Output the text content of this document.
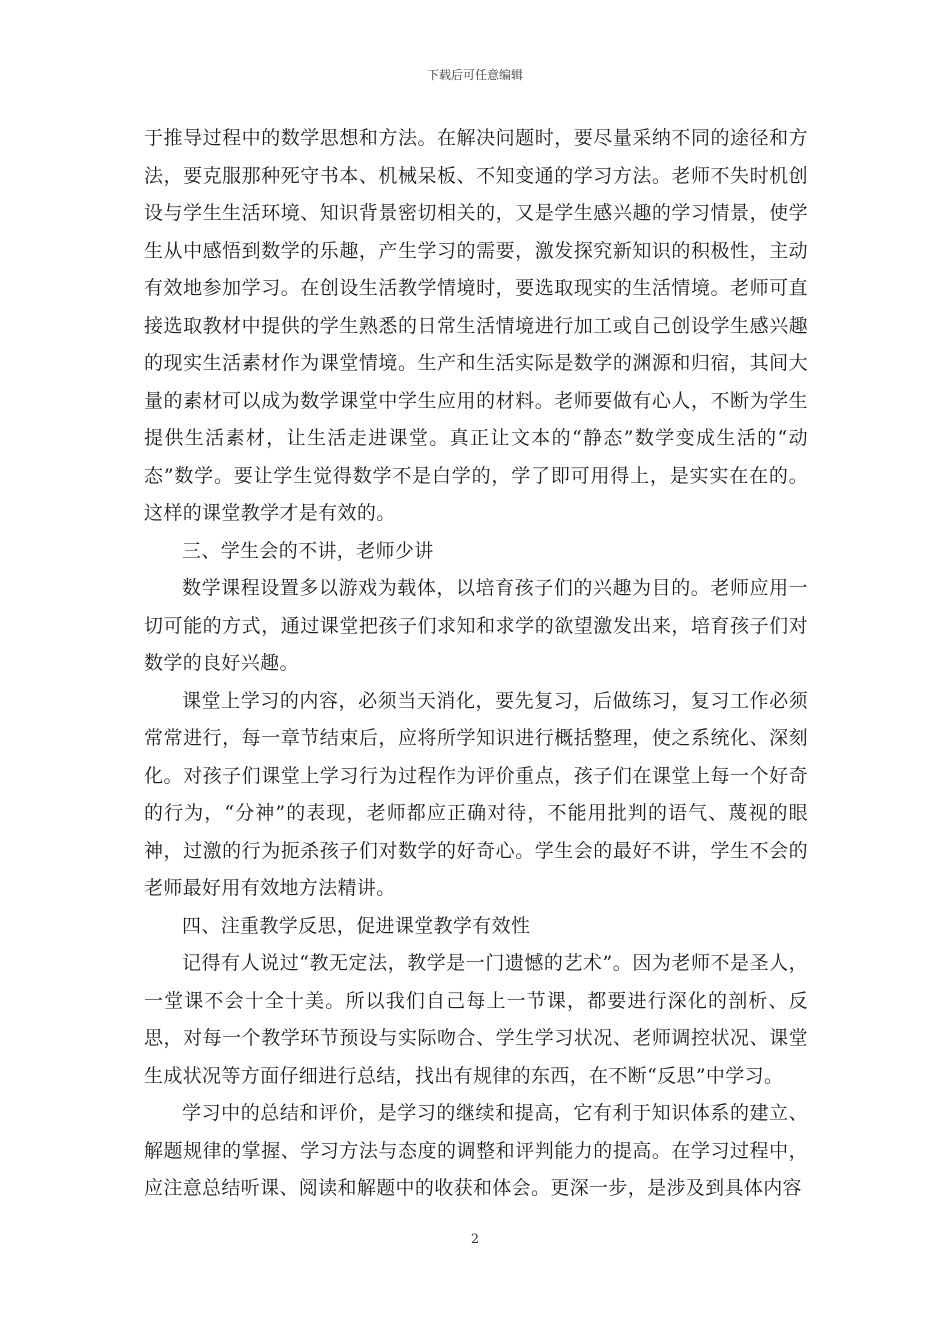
下载后可任意编辑

于推导过程中的数学思想和方法。在解决问题时，要尽量采纳不同的途径和方法，要克服那种死守书本、机械呆板、不知变通的学习方法。老师不失时机创设与学生生活环境、知识背景密切相关的，又是学生感兴趣的学习情景，使学生从中感悟到数学的乐趣，产生学习的需要，激发探究新知识的积极性，主动有效地参加学习。在创设生活教学情境时，要选取现实的生活情境。老师可直接选取教材中提供的学生熟悉的日常生活情境进行加工或自己创设学生感兴趣的现实生活素材作为课堂情境。生产和生活实际是数学的渊源和归宿，其间大量的素材可以成为数学课堂中学生应用的材料。老师要做有心人，不断为学生提供生活素材，让生活走进课堂。真正让文本的“静态”数学变成生活的“动态”数学。要让学生觉得数学不是白学的，学了即可用得上，是实实在在的。这样的课堂教学才是有效的。

三、学生会的不讲，老师少讲

数学课程设置多以游戏为载体，以培育孩子们的兴趣为目的。老师应用一切可能的方式，通过课堂把孩子们求知和求学的欲望激发出来，培育孩子们对数学的良好兴趣。

课堂上学习的内容，必须当天消化，要先复习，后做练习，复习工作必须常常进行，每一章节结束后，应将所学知识进行概括整理，使之系统化、深刻化。对孩子们课堂上学习行为过程作为评价重点，孩子们在课堂上每一个好奇的行为，“分神”的表现，老师都应正确对待，不能用批判的语气、蔑视的眼神，过激的行为扼杀孩子们对数学的好奇心。学生会的最好不讲，学生不会的老师最好用有效地方法精讲。

四、注重教学反思，促进课堂教学有效性

记得有人说过“教无定法，教学是一门遗憾的艺术”。因为老师不是圣人，一堂课不会十全十美。所以我们自己每上一节课，都要进行深化的剖析、反思，对每一个教学环节预设与实际吻合、学生学习状况、老师调控状况、课堂生成状况等方面仔细进行总结，找出有规律的东西，在不断“反思”中学习。

学习中的总结和评价，是学习的继续和提高，它有利于知识体系的建立、解题规律的掌握、学习方法与态度的调整和评判能力的提高。在学习过程中，应注意总结听课、阅读和解题中的收获和体会。更深一步，是涉及到具体内容

2
